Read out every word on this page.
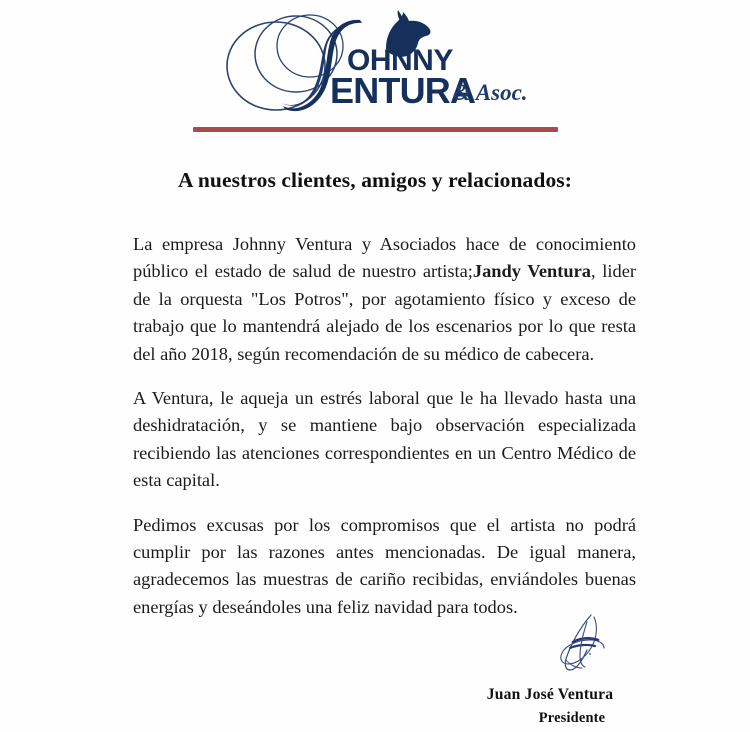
OHNNY
ENTURA
& Asoc.
A nuestros clientes, amigos y relacionados:

La empresa Johnny Ventura y Asociados hace de conocimiento público el estado de salud de nuestro artista;Jandy Ventura, lider de la orquesta "Los Potros", por agotamiento físico y exceso de trabajo que lo mantendrá alejado de los escenarios por lo que resta del año 2018, según recomendación de su médico de cabecera.

A Ventura, le aqueja un estrés laboral que le ha llevado hasta una deshidratación, y se mantiene bajo observación especializada recibiendo las atenciones correspondientes en un Centro Médico de esta capital.

Pedimos excusas por los compromisos que el artista no podrá cumplir por las razones antes mencionadas. De igual manera, agradecemos las muestras de cariño recibidas, enviándoles buenas energías y deseándoles una feliz navidad para todos.

Juan José Ventura
Presidente
